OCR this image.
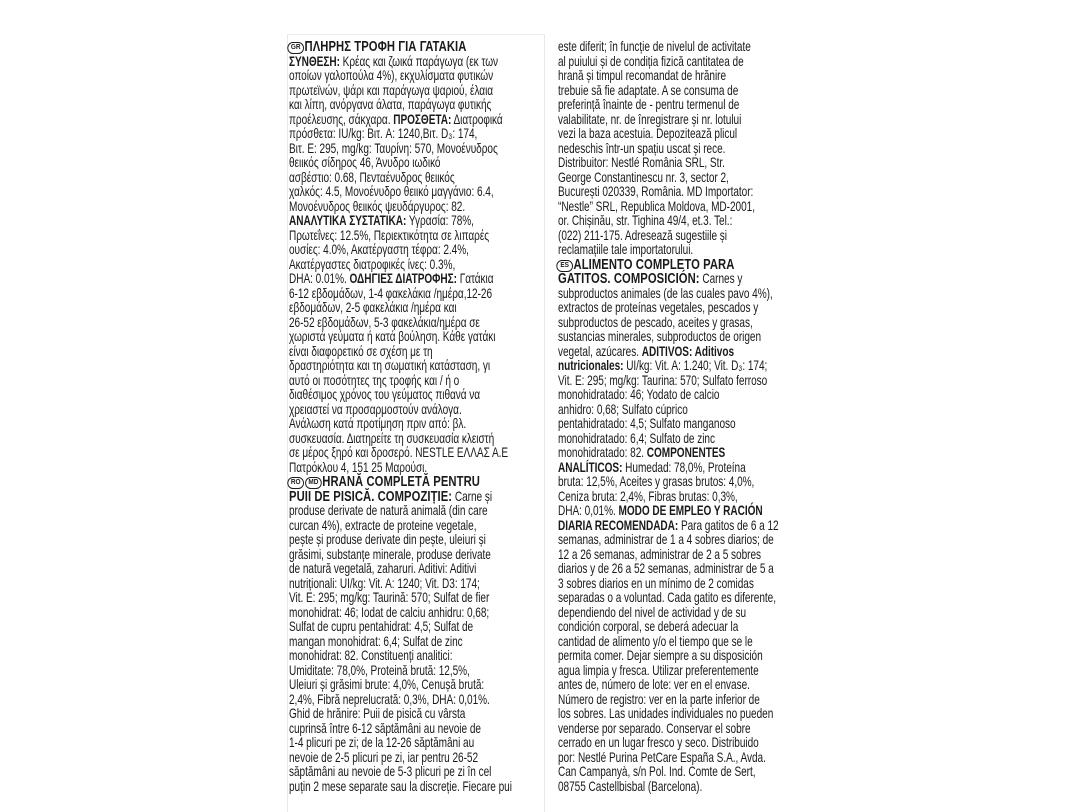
GR ΠΛΗΡΗΣ ΤΡΟΦΗ ΓΙΑ ΓΑΤΑΚΙΑ
ΣΥΝΘΕΣΗ: Κρέας και ζωικά παράγωγα (εκ των
οποίων γαλοπούλα 4%), εκχυλίσματα φυτικών
πρωτεϊνών, ψάρι και παράγωγα ψαριού, έλαια
και λίπη, ανόργανα άλατα, παράγωγα φυτικής
προέλευσης, σάκχαρα. ΠΡΟΣΘΕΤΑ: Διατροφικά
πρόσθετα: IU/kg: Βιτ. A: 1240,Βιτ. D₃: 174,
Βιτ. E: 295, mg/kg: Ταυρίνη: 570, Μονοένυδρος
θειικός σίδηρος 46, Άνυδρο ιωδικό
ασβέστιο: 0.68, Πενταένυδρος θειικός
χαλκός: 4.5, Μονοένυδρο θειικό μαγγάνιο: 6.4,
Μονοένυδρος θειικός ψευδάργυρος: 82.
ΑΝΑΛΥΤΙΚΑ ΣΥΣΤΑΤΙΚΑ: Υγρασία: 78%,
Πρωτεΐνες: 12.5%, Περιεκτικότητα σε λιπαρές
ουσίες: 4.0%, Ακατέργαστη τέφρα: 2.4%,
Ακατέργαστες διατροφικές ίνες: 0.3%,
DHA: 0.01%. ΟΔΗΓΙΕΣ ΔΙΑΤΡΟΦΗΣ: Γατάκια
6-12 εβδομάδων, 1-4 φακελάκια /ημέρα,12-26
εβδομάδων, 2-5 φακελάκια /ημέρα και
26-52 εβδομάδων, 5-3 φακελάκια/ημέρα σε
χωριστά γεύματα ή κατά βούληση. Κάθε γατάκι
είναι διαφορετικό σε σχέση με τη
δραστηριότητα και τη σωματική κατάσταση, γι
αυτό οι ποσότητες της τροφής και / ή ο
διαθέσιμος χρόνος του γεύματος πιθανά να
χρειαστεί να προσαρμοστούν ανάλογα.
Ανάλωση κατά προτίμηση πριν από: βλ.
συσκευασία. Διατηρείτε τη συσκευασία κλειστή
σε μέρος ξηρό και δροσερό. NESTLE ΕΛΛΑΣ Α.Ε
Πατρόκλου 4, 151 25 Μαρούσι.
RO MD HRANĂ COMPLETĂ PENTRU
PUII DE PISICĂ. COMPOZIȚIE: Carne și
produse derivate de natură animală (din care
curcan 4%), extracte de proteine vegetale,
pește și produse derivate din pește, uleiuri și
grăsimi, substanțe minerale, produse derivate
de natură vegetală, zaharuri. Aditivi: Aditivi
nutriționali: UI/kg: Vit. A: 1240; Vit. D3: 174;
Vit. E: 295; mg/kg: Taurină: 570; Sulfat de fier
monohidrat: 46; Iodat de calciu anhidru: 0,68;
Sulfat de cupru pentahidrat: 4,5; Sulfat de
mangan monohidrat: 6,4; Sulfat de zinc
monohidrat: 82. Constituenți analitici:
Umiditate: 78,0%, Proteină brută: 12,5%,
Uleiuri și grăsimi brute: 4,0%, Cenușă brută:
2,4%, Fibră neprelucrată: 0,3%, DHA: 0,01%.
Ghid de hrănire: Puii de pisică cu vârsta
cuprinsă între 6-12 săptămâni au nevoie de
1-4 plicuri pe zi; de la 12-26 săptămâni au
nevoie de 2-5 plicuri pe zi, iar pentru 26-52
săptămâni au nevoie de 5-3 plicuri pe zi în cel
puțin 2 mese separate sau la discreție. Fiecare pui
este diferit; în funcție de nivelul de activitate
al puiului și de condiția fizică cantitatea de
hrană și timpul recomandat de hrănire
trebuie să fie adaptate. A se consuma de
preferință înainte de - pentru termenul de
valabilitate, nr. de înregistrare și nr. lotului
vezi la baza acestuia. Depozitează plicul
nedeschis într-un spațiu uscat și rece.
Distribuitor: Nestlé România SRL, Str.
George Constantinescu nr. 3, sector 2,
București 020339, România. MD Importator:
“Nestle” SRL, Republica Moldova, MD-2001,
or. Chișinău, str. Tighina 49/4, et.3. Tel.:
(022) 211-175. Adresează sugestiile și
reclamațiile tale importatorului.
ES ALIMENTO COMPLETO PARA
GATITOS. COMPOSICIÓN: Carnes y
subproductos animales (de las cuales pavo 4%),
extractos de proteínas vegetales, pescados y
subproductos de pescado, aceites y grasas,
sustancias minerales, subproductos de origen
vegetal, azúcares. ADITIVOS: Aditivos
nutricionales: UI/kg: Vit. A: 1.240; Vit. D₃: 174;
Vit. E: 295; mg/kg: Taurina: 570; Sulfato ferroso
monohidratado: 46; Yodato de calcio
anhidro: 0,68; Sulfato cúprico
pentahidratado: 4,5; Sulfato manganoso
monohidratado: 6,4; Sulfato de zinc
monohidratado: 82. COMPONENTES
ANALÍTICOS: Humedad: 78,0%, Proteína
bruta: 12,5%, Aceites y grasas brutos: 4,0%,
Ceniza bruta: 2,4%, Fibras brutas: 0,3%,
DHA: 0,01%. MODO DE EMPLEO Y RACIÓN
DIARIA RECOMENDADA: Para gatitos de 6 a 12
semanas, administrar de 1 a 4 sobres diarios; de
12 a 26 semanas, administrar de 2 a 5 sobres
diarios y de 26 a 52 semanas, administrar de 5 a
3 sobres diarios en un mínimo de 2 comidas
separadas o a voluntad. Cada gatito es diferente,
dependiendo del nivel de actividad y de su
condición corporal, se deberá adecuar la
cantidad de alimento y/o el tiempo que se le
permita comer. Dejar siempre a su disposición
agua limpia y fresca. Utilizar preferentemente
antes de, número de lote: ver en el envase.
Número de registro: ver en la parte inferior de
los sobres. Las unidades individuales no pueden
venderse por separado. Conservar el sobre
cerrado en un lugar fresco y seco. Distribuido
por: Nestlé Purina PetCare España S.A., Avda.
Can Campanyà, s/n Pol. Ind. Comte de Sert,
08755 Castellbisbal (Barcelona).
